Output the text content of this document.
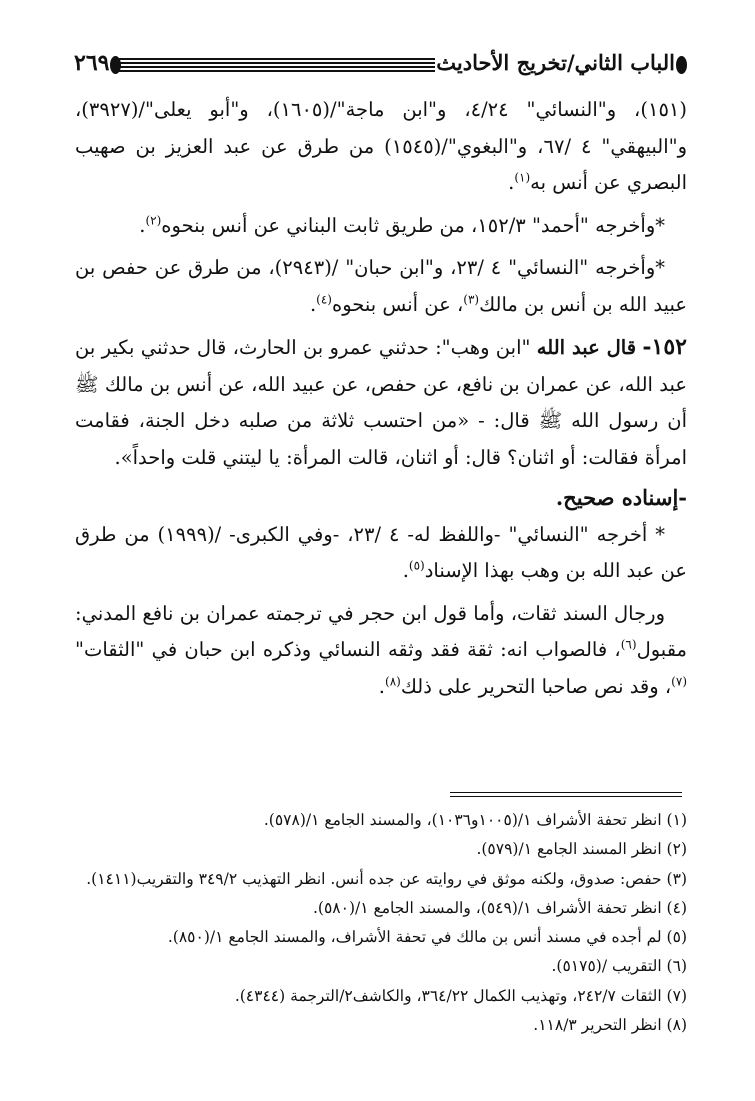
الباب الثاني/تخريج الأحاديث
٢٦٩

(١٥١)، و"النسائي" ٤/٢٤، و"ابن ماجة"/(١٦٠٥)، و"أبو يعلى"/(٣٩٢٧)، و"البيهقي" ٤ /٦٧، و"البغوي"/(١٥٤٥) من طرق عن عبد العزيز بن صهيب البصري عن أنس به$^{(١)}$.

*وأخرجه "أحمد" ١٥٢/٣، من طريق ثابت البناني عن أنس بنحوه$^{(٢)}$.

*وأخرجه "النسائي" ٤ /٢٣، و"ابن حبان" /(٢٩٤٣)، من طرق عن حفص بن عبيد الله بن أنس بن مالك$^{(٣)}$، عن أنس بنحوه$^{(٤)}$.

١٥٢- قال عبد الله "ابن وهب": حدثني عمرو بن الحارث، قال حدثني بكير بن عبد الله، عن عمران بن نافع، عن حفص، عن عبيد الله، عن أنس بن مالك ﷺ أن رسول الله ﷺ قال: - «من احتسب ثلاثة من صلبه دخل الجنة، فقامت امرأة فقالت: أو اثنان؟ قال: أو اثنان، قالت المرأة: يا ليتني قلت واحداً».

-إسناده صحيح.

* أخرجه "النسائي" -واللفظ له- ٤ /٢٣، -وفي الكبرى- /(١٩٩٩) من طرق عن عبد الله بن وهب بهذا الإسناد$^{(٥)}$.

ورجال السند ثقات، وأما قول ابن حجر في ترجمته عمران بن نافع المدني: مقبول$^{(٦)}$، فالصواب انه: ثقة فقد وثقه النسائي وذكره ابن حبان في "الثقات"$^{(٧)}$، وقد نص صاحبا التحرير على ذلك$^{(٨)}$.

(١) انظر تحفة الأشراف ١/(١٠٠٥و١٠٣٦)، والمسند الجامع ١/(٥٧٨).

(٢) انظر المسند الجامع ١/(٥٧٩).

(٣) حفص: صدوق، ولكنه موثق في روايته عن جده أنس. انظر التهذيب ٣٤٩/٢ والتقريب(١٤١١).

(٤) انظر تحفة الأشراف ١/(٥٤٩)، والمسند الجامع ١/(٥٨٠).

(٥) لم أجده في مسند أنس بن مالك في تحفة الأشراف، والمسند الجامع ١/(٨٥٠).

(٦) التقريب /(٥١٧٥).

(٧) الثقات ٢٤٢/٧، وتهذيب الكمال ٣٦٤/٢٢، والكاشف٢/الترجمة (٤٣٤٤).

(٨) انظر التحرير ١١٨/٣.
